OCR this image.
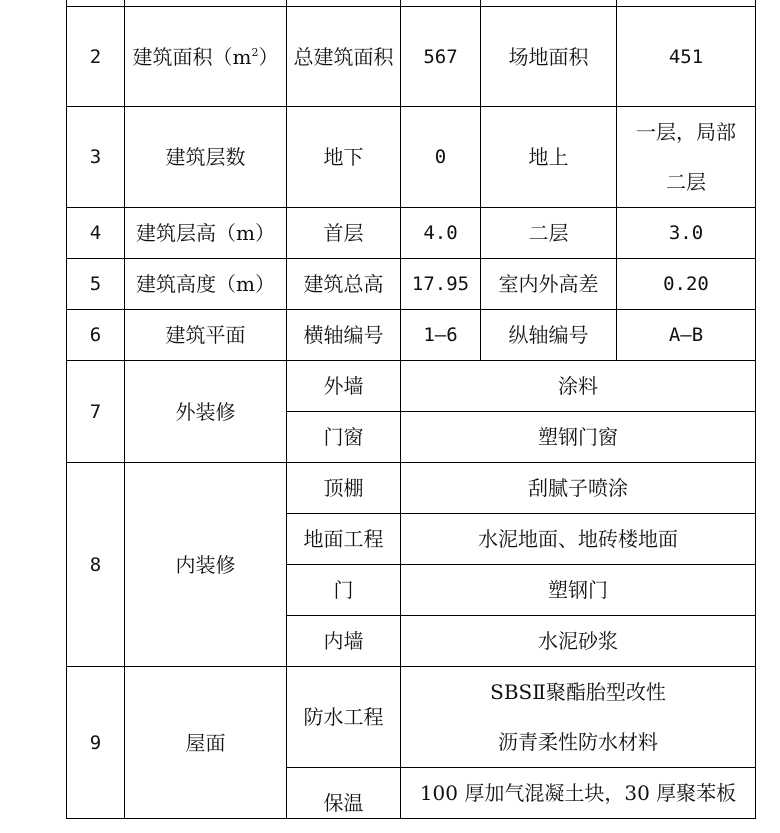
2	建筑面积$(m^2)$	总建筑面积	567	场地面积	451
3	建筑层数	地下	0	地上	一层，局部二层
4	建筑层高（m）	首层	4.0	二层	3.0
5	建筑高度（m）	建筑总高	17.95	室内外高差	0.20
6	建筑平面	横轴编号	1—6	纵轴编号	A—B
7	外装修	外墙	涂料		
		门窗	塑钢门窗		
8	内装修	顶棚	刮腻子喷涂		
		地面工程	水泥地面、地砖楼地面		
		门	塑钢门		
		内墙	水泥砂浆		
9	屋面	防水工程	SBSⅡ聚酯胎型改性
沥青柔性防水材料		

		保温	100 厚加气混凝土块，30 厚聚苯板		
